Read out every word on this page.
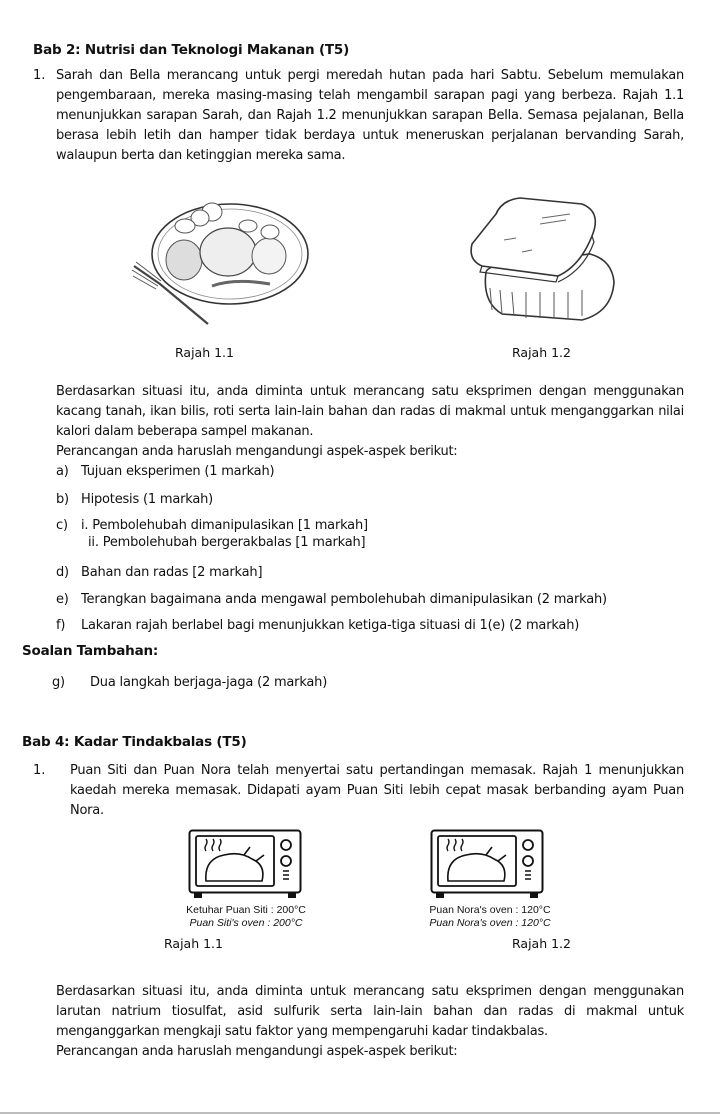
Bab 2: Nutrisi dan Teknologi Makanan (T5)
1. Sarah dan Bella merancang untuk pergi meredah hutan pada hari Sabtu. Sebelum memulakan
pengembaraan, mereka masing-masing telah mengambil sarapan pagi yang berbeza. Rajah 1.1
menunjukkan sarapan Sarah, dan Rajah 1.2 menunjukkan sarapan Bella. Semasa pejalanan, Bella
berasa lebih letih dan hamper tidak berdaya untuk meneruskan perjalanan bervanding Sarah,
walaupun berta dan ketinggian mereka sama.
Rajah 1.1	Rajah 1.2
Berdasarkan situasi itu, anda diminta untuk merancang satu eksprimen dengan menggunakan
kacang tanah, ikan bilis, roti serta lain-lain bahan dan radas di makmal untuk menganggarkan nilai
kalori dalam beberapa sampel makanan.
Perancangan anda haruslah mengandungi aspek-aspek berikut:
a) Tujuan eksperimen (1 markah)
b) Hipotesis (1 markah)
c) i. Pembolehubah dimanipulasikan [1 markah]
ii. Pembolehubah bergerakbalas [1 markah]
d) Bahan dan radas [2 markah]
e) Terangkan bagaimana anda mengawal pembolehubah dimanipulasikan (2 markah)
f) Lakaran rajah berlabel bagi menunjukkan ketiga-tiga situasi di 1(e) (2 markah)
Soalan Tambahan:
g) Dua langkah berjaga-jaga (2 markah)
Bab 4: Kadar Tindakbalas (T5)
1. Puan Siti dan Puan Nora telah menyertai satu pertandingan memasak. Rajah 1 menunjukkan
kaedah mereka memasak. Didapati ayam Puan Siti lebih cepat masak berbanding ayam Puan
Nora.
Ketuhar Puan Siti : 200°C
Puan Siti's oven : 200°C
Rajah 1.1
Puan Nora's oven : 120°C
Puan Nora's oven : 120°C
Rajah 1.2
Berdasarkan situasi itu, anda diminta untuk merancang satu eksprimen dengan menggunakan
larutan natrium tiosulfat, asid sulfurik serta lain-lain bahan dan radas di makmal untuk
menganggarkan mengkaji satu faktor yang mempengaruhi kadar tindakbalas.
Perancangan anda haruslah mengandungi aspek-aspek berikut:
